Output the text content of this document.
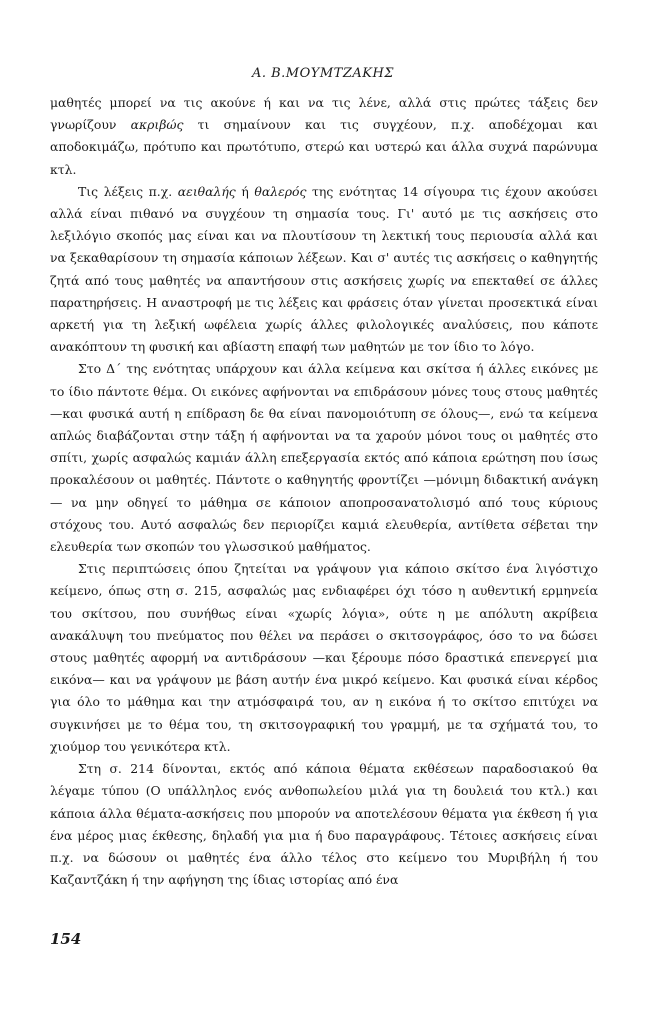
Α. Β.ΜΟΥΜΤΖΑΚΗΣ

μαθητές μπορεί να τις ακούνε ή και να τις λένε, αλλά στις πρώτες τάξεις δεν γνωρίζουν ακριβώς τι σημαίνουν και τις συγχέουν, π.χ. αποδέχομαι και αποδοκιμάζω, πρότυπο και πρωτότυπο, στερώ και υστερώ και άλλα συχνά παρώνυμα κτλ.

Τις λέξεις π.χ. αειθαλής ή θαλερός της ενότητας 14 σίγουρα τις έχουν ακούσει αλλά είναι πιθανό να συγχέουν τη σημασία τους. Γι' αυτό με τις ασκήσεις στο λεξιλόγιο σκοπός μας είναι και να πλουτίσουν τη λεκτική τους περιουσία αλλά και να ξεκαθαρίσουν τη σημασία κάποιων λέξεων. Και σ' αυτές τις ασκήσεις ο καθηγητής ζητά από τους μαθητές να απαντήσουν στις ασκήσεις χωρίς να επεκταθεί σε άλλες παρατηρήσεις. Η αναστροφή με τις λέξεις και φράσεις όταν γίνεται προσεκτικά είναι αρκετή για τη λεξική ωφέλεια χωρίς άλλες φιλολογικές αναλύσεις, που κάποτε ανακόπτουν τη φυσική και αβίαστη επαφή των μαθητών με τον ίδιο το λόγο.

Στο Δ΄ της ενότητας υπάρχουν και άλλα κείμενα και σκίτσα ή άλλες εικόνες με το ίδιο πάντοτε θέμα. Οι εικόνες αφήνονται να επιδράσουν μόνες τους στους μαθητές —και φυσικά αυτή η επίδραση δε θα είναι πανομοιότυπη σε όλους—, ενώ τα κείμενα απλώς διαβάζονται στην τάξη ή αφήνονται να τα χαρούν μόνοι τους οι μαθητές στο σπίτι, χωρίς ασφαλώς καμιάν άλλη επεξεργασία εκτός από κάποια ερώτηση που ίσως προκαλέσουν οι μαθητές. Πάντοτε ο καθηγητής φροντίζει —μόνιμη διδακτική ανάγκη— να μην οδηγεί το μάθημα σε κάποιον αποπροσανατολισμό από τους κύριους στόχους του. Αυτό ασφαλώς δεν περιορίζει καμιά ελευθερία, αντίθετα σέβεται την ελευθερία των σκοπών του γλωσσικού μαθήματος.

Στις περιπτώσεις όπου ζητείται να γράψουν για κάποιο σκίτσο ένα λιγόστιχο κείμενο, όπως στη σ. 215, ασφαλώς μας ενδιαφέρει όχι τόσο η αυθεντική ερμηνεία του σκίτσου, που συνήθως είναι «χωρίς λόγια», ούτε η με απόλυτη ακρίβεια ανακάλυψη του πνεύματος που θέλει να περάσει ο σκιτσογράφος, όσο το να δώσει στους μαθητές αφορμή να αντιδράσουν —και ξέρουμε πόσο δραστικά επενεργεί μια εικόνα— και να γράψουν με βάση αυτήν ένα μικρό κείμενο. Και φυσικά είναι κέρδος για όλο το μάθημα και την ατμόσφαιρά του, αν η εικόνα ή το σκίτσο επιτύχει να συγκινήσει με το θέμα του, τη σκιτσογραφική του γραμμή, με τα σχήματά του, το χιούμορ του γενικότερα κτλ.

Στη σ. 214 δίνονται, εκτός από κάποια θέματα εκθέσεων παραδοσιακού θα λέγαμε τύπου (Ο υπάλληλος ενός ανθοπωλείου μιλά για τη δουλειά του κτλ.) και κάποια άλλα θέματα-ασκήσεις που μπορούν να αποτελέσουν θέματα για έκθεση ή για ένα μέρος μιας έκθεσης, δηλαδή για μια ή δυο παραγράφους. Τέτοιες ασκήσεις είναι π.χ. να δώσουν οι μαθητές ένα άλλο τέλος στο κείμενο του Μυριβήλη ή του Καζαντζάκη ή την αφήγηση της ίδιας ιστορίας από ένα

154
